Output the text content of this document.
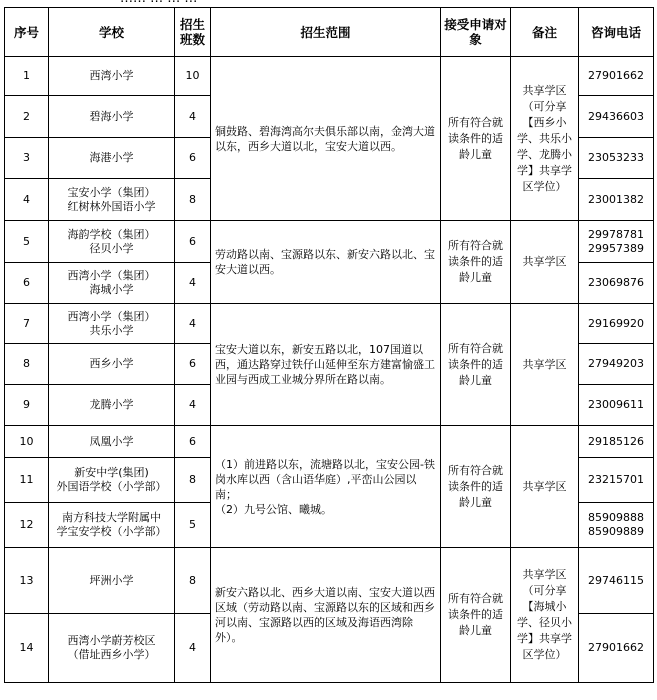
序号	学校	招生班数	招生范围	接受申请对象	备注	咨询电话
1	西湾小学	10	铜鼓路、碧海湾高尔夫俱乐部以南，金湾大道以东，西乡大道以北，宝安大道以西。	所有符合就读条件的适龄儿童	共享学区（可分享【西乡小学、共乐小学、龙腾小学】共享学区学位）	27901662

2	碧海小学	4				29436603

3	海港小学	6				23053233

4	宝安小学（集团）
红树林外国语小学	8				23001382

5	海韵学校（集团）
径贝小学	6	劳动路以南、宝源路以东、新安六路以北、宝安大道以西。	所有符合就读条件的适龄儿童	共享学区	29978781
29957389

6	西湾小学（集团）
海城小学	4				23069876

7	西湾小学（集团）
共乐小学	4	宝安大道以东，新安五路以北，107国道以西，通达路穿过铁仔山延伸至东方建富愉盛工业园与西成工业城分界所在路以南。	所有符合就读条件的适龄儿童	共享学区	29169920

8	西乡小学	6				27949203

9	龙腾小学	4				23009611

10	凤凰小学	6	（1）前进路以东，流塘路以北，宝安公园-铁岗水库以西（含山语华庭）,平峦山公园以南；
（2）九号公馆、曦城。	所有符合就读条件的适龄儿童	共享学区	29185126

11	新安中学(集团)
外国语学校（小学部）	8				23215701

12	南方科技大学附属中
学宝安学校（小学部）	5				85909888
85909889

13	坪洲小学	8	新安六路以北、西乡大道以南、宝安大道以西区域（劳动路以南、宝源路以东的区域和西乡河以南、宝源路以西的区域及海语西湾除外）。	所有符合就读条件的适龄儿童	共享学区（可分享【海城小学、径贝小学】共享学区学位）	29746115

14	西湾小学蔚芳校区
（借址西乡小学）	4				27901662
